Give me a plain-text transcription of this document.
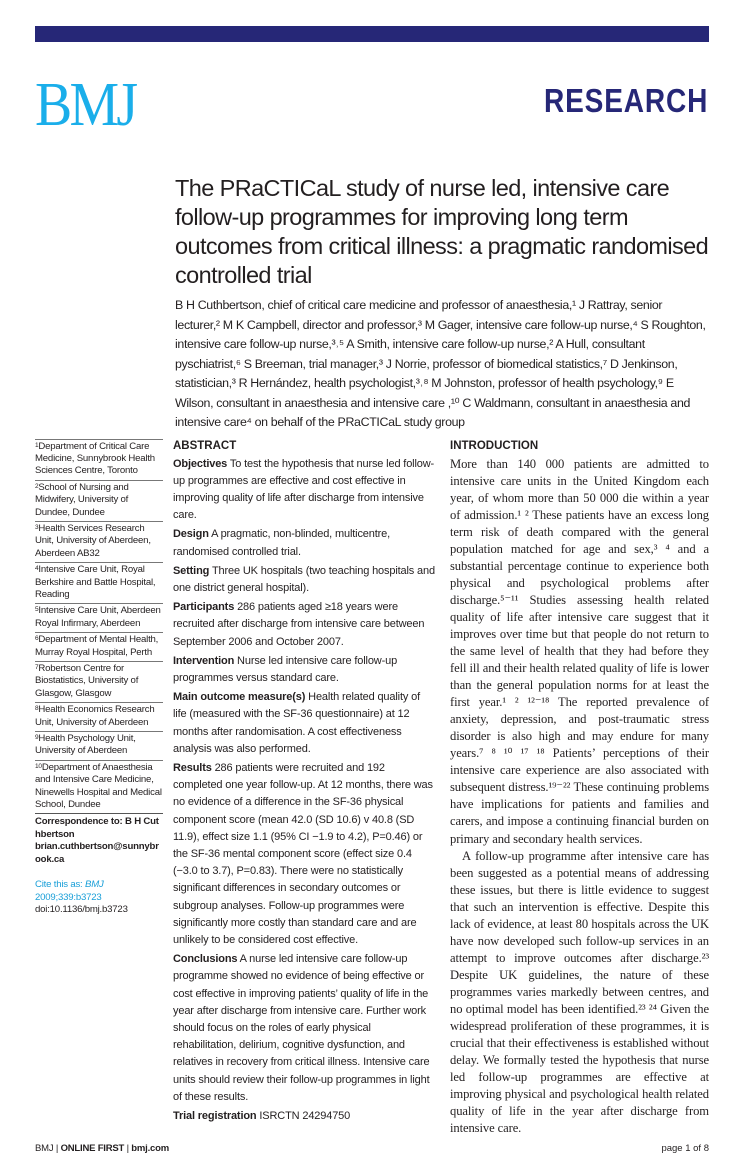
BMJ	RESEARCH
The PRaCTICaL study of nurse led, intensive care follow-up programmes for improving long term outcomes from critical illness: a pragmatic randomised controlled trial
B H Cuthbertson, chief of critical care medicine and professor of anaesthesia,¹ J Rattray, senior lecturer,² M K Campbell, director and professor,³ M Gager, intensive care follow-up nurse,⁴ S Roughton, intensive care follow-up nurse,³˒⁵ A Smith, intensive care follow-up nurse,² A Hull, consultant pyschiatrist,⁶ S Breeman, trial manager,³ J Norrie, professor of biomedical statistics,⁷ D Jenkinson, statistician,³ R Hernández, health psychologist,³˒⁸ M Johnston, professor of health psychology,⁹ E Wilson, consultant in anaesthesia and intensive care ,¹⁰ C Waldmann, consultant in anaesthesia and intensive care⁴ on behalf of the PRaCTICaL study group
$^1$Department of Critical Care Medicine, Sunnybrook Health Sciences Centre, Toronto
$^2$School of Nursing and Midwifery, University of Dundee, Dundee
$^3$Health Services Research Unit, University of Aberdeen, Aberdeen AB32
$^4$Intensive Care Unit, Royal Berkshire and Battle Hospital, Reading
$^5$Intensive Care Unit, Aberdeen Royal Infirmary, Aberdeen
$^6$Department of Mental Health, Murray Royal Hospital, Perth
$^7$Robertson Centre for Biostatistics, University of Glasgow, Glasgow
$^8$Health Economics Research Unit, University of Aberdeen
$^9$Health Psychology Unit, University of Aberdeen
$^{10}$Department of Anaesthesia and Intensive Care Medicine, Ninewells Hospital and Medical School, Dundee
Correspondence to: B H Cuthbertson
brian.cuthbertson@sunnybrook.ca
Cite this as: BMJ 2009;339:b3723
doi:10.1136/bmj.b3723
ABSTRACT
Objectives To test the hypothesis that nurse led follow-up programmes are effective and cost effective in improving quality of life after discharge from intensive care.
Design A pragmatic, non-blinded, multicentre, randomised controlled trial.
Setting Three UK hospitals (two teaching hospitals and one district general hospital).
Participants 286 patients aged ≥18 years were recruited after discharge from intensive care between September 2006 and October 2007.
Intervention Nurse led intensive care follow-up programmes versus standard care.
Main outcome measure(s) Health related quality of life (measured with the SF-36 questionnaire) at 12 months after randomisation. A cost effectiveness analysis was also performed.
Results 286 patients were recruited and 192 completed one year follow-up. At 12 months, there was no evidence of a difference in the SF-36 physical component score (mean 42.0 (SD 10.6) v 40.8 (SD 11.9), effect size 1.1 (95% CI −1.9 to 4.2), P=0.46) or the SF-36 mental component score (effect size 0.4 (−3.0 to 3.7), P=0.83). There were no statistically significant differences in secondary outcomes or subgroup analyses. Follow-up programmes were significantly more costly than standard care and are unlikely to be considered cost effective.
Conclusions A nurse led intensive care follow-up programme showed no evidence of being effective or cost effective in improving patients’ quality of life in the year after discharge from intensive care. Further work should focus on the roles of early physical rehabilitation, delirium, cognitive dysfunction, and relatives in recovery from critical illness. Intensive care units should review their follow-up programmes in light of these results.
Trial registration ISRCTN 24294750
INTRODUCTION

More than 140 000 patients are admitted to intensive care units in the United Kingdom each year, of whom more than 50 000 die within a year of admission.¹ ² These patients have an excess long term risk of death compared with the general population matched for age and sex,³ ⁴ and a substantial percentage continue to experience both physical and psychological problems after discharge.⁵⁻¹¹ Studies assessing health related quality of life after intensive care suggest that it improves over time but that people do not return to the same level of health that they had before they fell ill and their health related quality of life is lower than the general population norms for at least the first year.¹ ² ¹²⁻¹⁸ The reported prevalence of anxiety, depression, and post-traumatic stress disorder is also high and may endure for many years.⁷ ⁸ ¹⁰ ¹⁷ ¹⁸ Patients’ perceptions of their intensive care experience are also associated with subsequent distress.¹⁹⁻²² These continuing problems have implications for patients and families and carers, and impose a continuing financial burden on primary and secondary health services.

A follow-up programme after intensive care has been suggested as a potential means of addressing these issues, but there is little evidence to suggest that such an intervention is effective. Despite this lack of evidence, at least 80 hospitals across the UK have now developed such follow-up services in an attempt to improve outcomes after discharge.²³ Despite UK guidelines, the nature of these programmes varies markedly between centres, and no optimal model has been identified.²³ ²⁴ Given the widespread proliferation of these programmes, it is crucial that their effectiveness is established without delay. We formally tested the hypothesis that nurse led follow-up programmes are effective at improving physical and psychological health related quality of life in the year after discharge from intensive care.

BMJ | ONLINE FIRST | bmj.com	page 1 of 8
